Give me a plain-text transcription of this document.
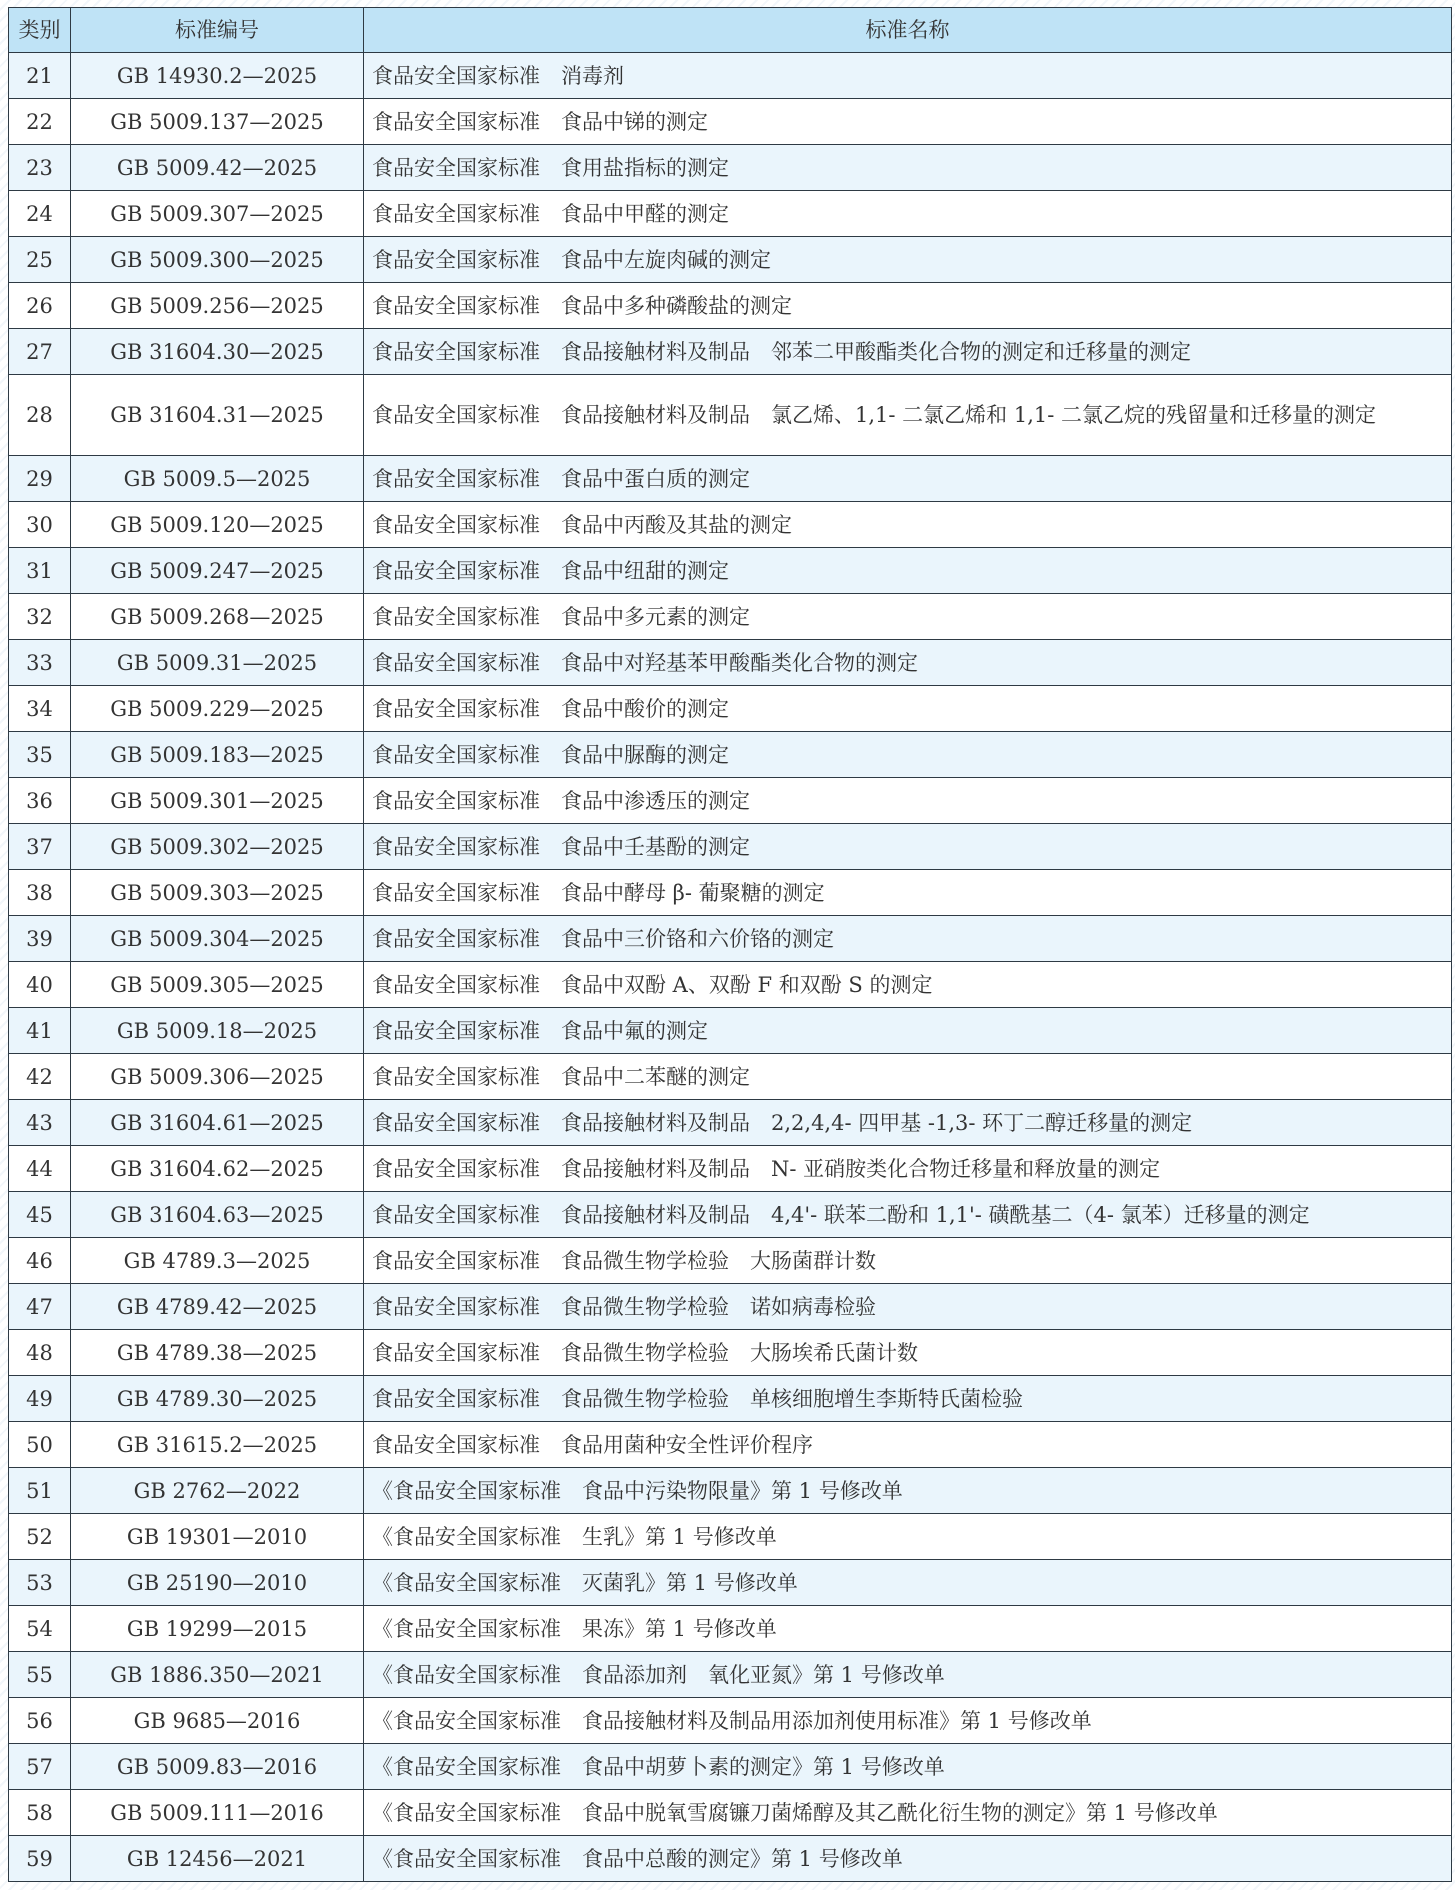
类别	标准编号	标准名称
21	GB 14930.2—2025	食品安全国家标准　消毒剂
22	GB 5009.137—2025	食品安全国家标准　食品中锑的测定
23	GB 5009.42—2025	食品安全国家标准　食用盐指标的测定
24	GB 5009.307—2025	食品安全国家标准　食品中甲醛的测定
25	GB 5009.300—2025	食品安全国家标准　食品中左旋肉碱的测定
26	GB 5009.256—2025	食品安全国家标准　食品中多种磷酸盐的测定
27	GB 31604.30—2025	食品安全国家标准　食品接触材料及制品　邻苯二甲酸酯类化合物的测定和迁移量的测定
28	GB 31604.31—2025	食品安全国家标准　食品接触材料及制品　氯乙烯、1,1- 二氯乙烯和 1,1- 二氯乙烷的残留量和迁移量的测定
29	GB 5009.5—2025	食品安全国家标准　食品中蛋白质的测定
30	GB 5009.120—2025	食品安全国家标准　食品中丙酸及其盐的测定
31	GB 5009.247—2025	食品安全国家标准　食品中纽甜的测定
32	GB 5009.268—2025	食品安全国家标准　食品中多元素的测定
33	GB 5009.31—2025	食品安全国家标准　食品中对羟基苯甲酸酯类化合物的测定
34	GB 5009.229—2025	食品安全国家标准　食品中酸价的测定
35	GB 5009.183—2025	食品安全国家标准　食品中脲酶的测定
36	GB 5009.301—2025	食品安全国家标准　食品中渗透压的测定
37	GB 5009.302—2025	食品安全国家标准　食品中壬基酚的测定
38	GB 5009.303—2025	食品安全国家标准　食品中酵母 β- 葡聚糖的测定
39	GB 5009.304—2025	食品安全国家标准　食品中三价铬和六价铬的测定
40	GB 5009.305—2025	食品安全国家标准　食品中双酚 A、双酚 F 和双酚 S 的测定
41	GB 5009.18—2025	食品安全国家标准　食品中氟的测定
42	GB 5009.306—2025	食品安全国家标准　食品中二苯醚的测定
43	GB 31604.61—2025	食品安全国家标准　食品接触材料及制品　2,2,4,4- 四甲基 -1,3- 环丁二醇迁移量的测定
44	GB 31604.62—2025	食品安全国家标准　食品接触材料及制品　N- 亚硝胺类化合物迁移量和释放量的测定
45	GB 31604.63—2025	食品安全国家标准　食品接触材料及制品　4,4'- 联苯二酚和 1,1'- 磺酰基二（4- 氯苯）迁移量的测定
46	GB 4789.3—2025	食品安全国家标准　食品微生物学检验　大肠菌群计数
47	GB 4789.42—2025	食品安全国家标准　食品微生物学检验　诺如病毒检验
48	GB 4789.38—2025	食品安全国家标准　食品微生物学检验　大肠埃希氏菌计数
49	GB 4789.30—2025	食品安全国家标准　食品微生物学检验　单核细胞增生李斯特氏菌检验
50	GB 31615.2—2025	食品安全国家标准　食品用菌种安全性评价程序
51	GB 2762—2022	《食品安全国家标准　食品中污染物限量》第 1 号修改单
52	GB 19301—2010	《食品安全国家标准　生乳》第 1 号修改单
53	GB 25190—2010	《食品安全国家标准　灭菌乳》第 1 号修改单
54	GB 19299—2015	《食品安全国家标准　果冻》第 1 号修改单
55	GB 1886.350—2021	《食品安全国家标准　食品添加剂　氧化亚氮》第 1 号修改单
56	GB 9685—2016	《食品安全国家标准　食品接触材料及制品用添加剂使用标准》第 1 号修改单
57	GB 5009.83—2016	《食品安全国家标准　食品中胡萝卜素的测定》第 1 号修改单
58	GB 5009.111—2016	《食品安全国家标准　食品中脱氧雪腐镰刀菌烯醇及其乙酰化衍生物的测定》第 1 号修改单
59	GB 12456—2021	《食品安全国家标准　食品中总酸的测定》第 1 号修改单
